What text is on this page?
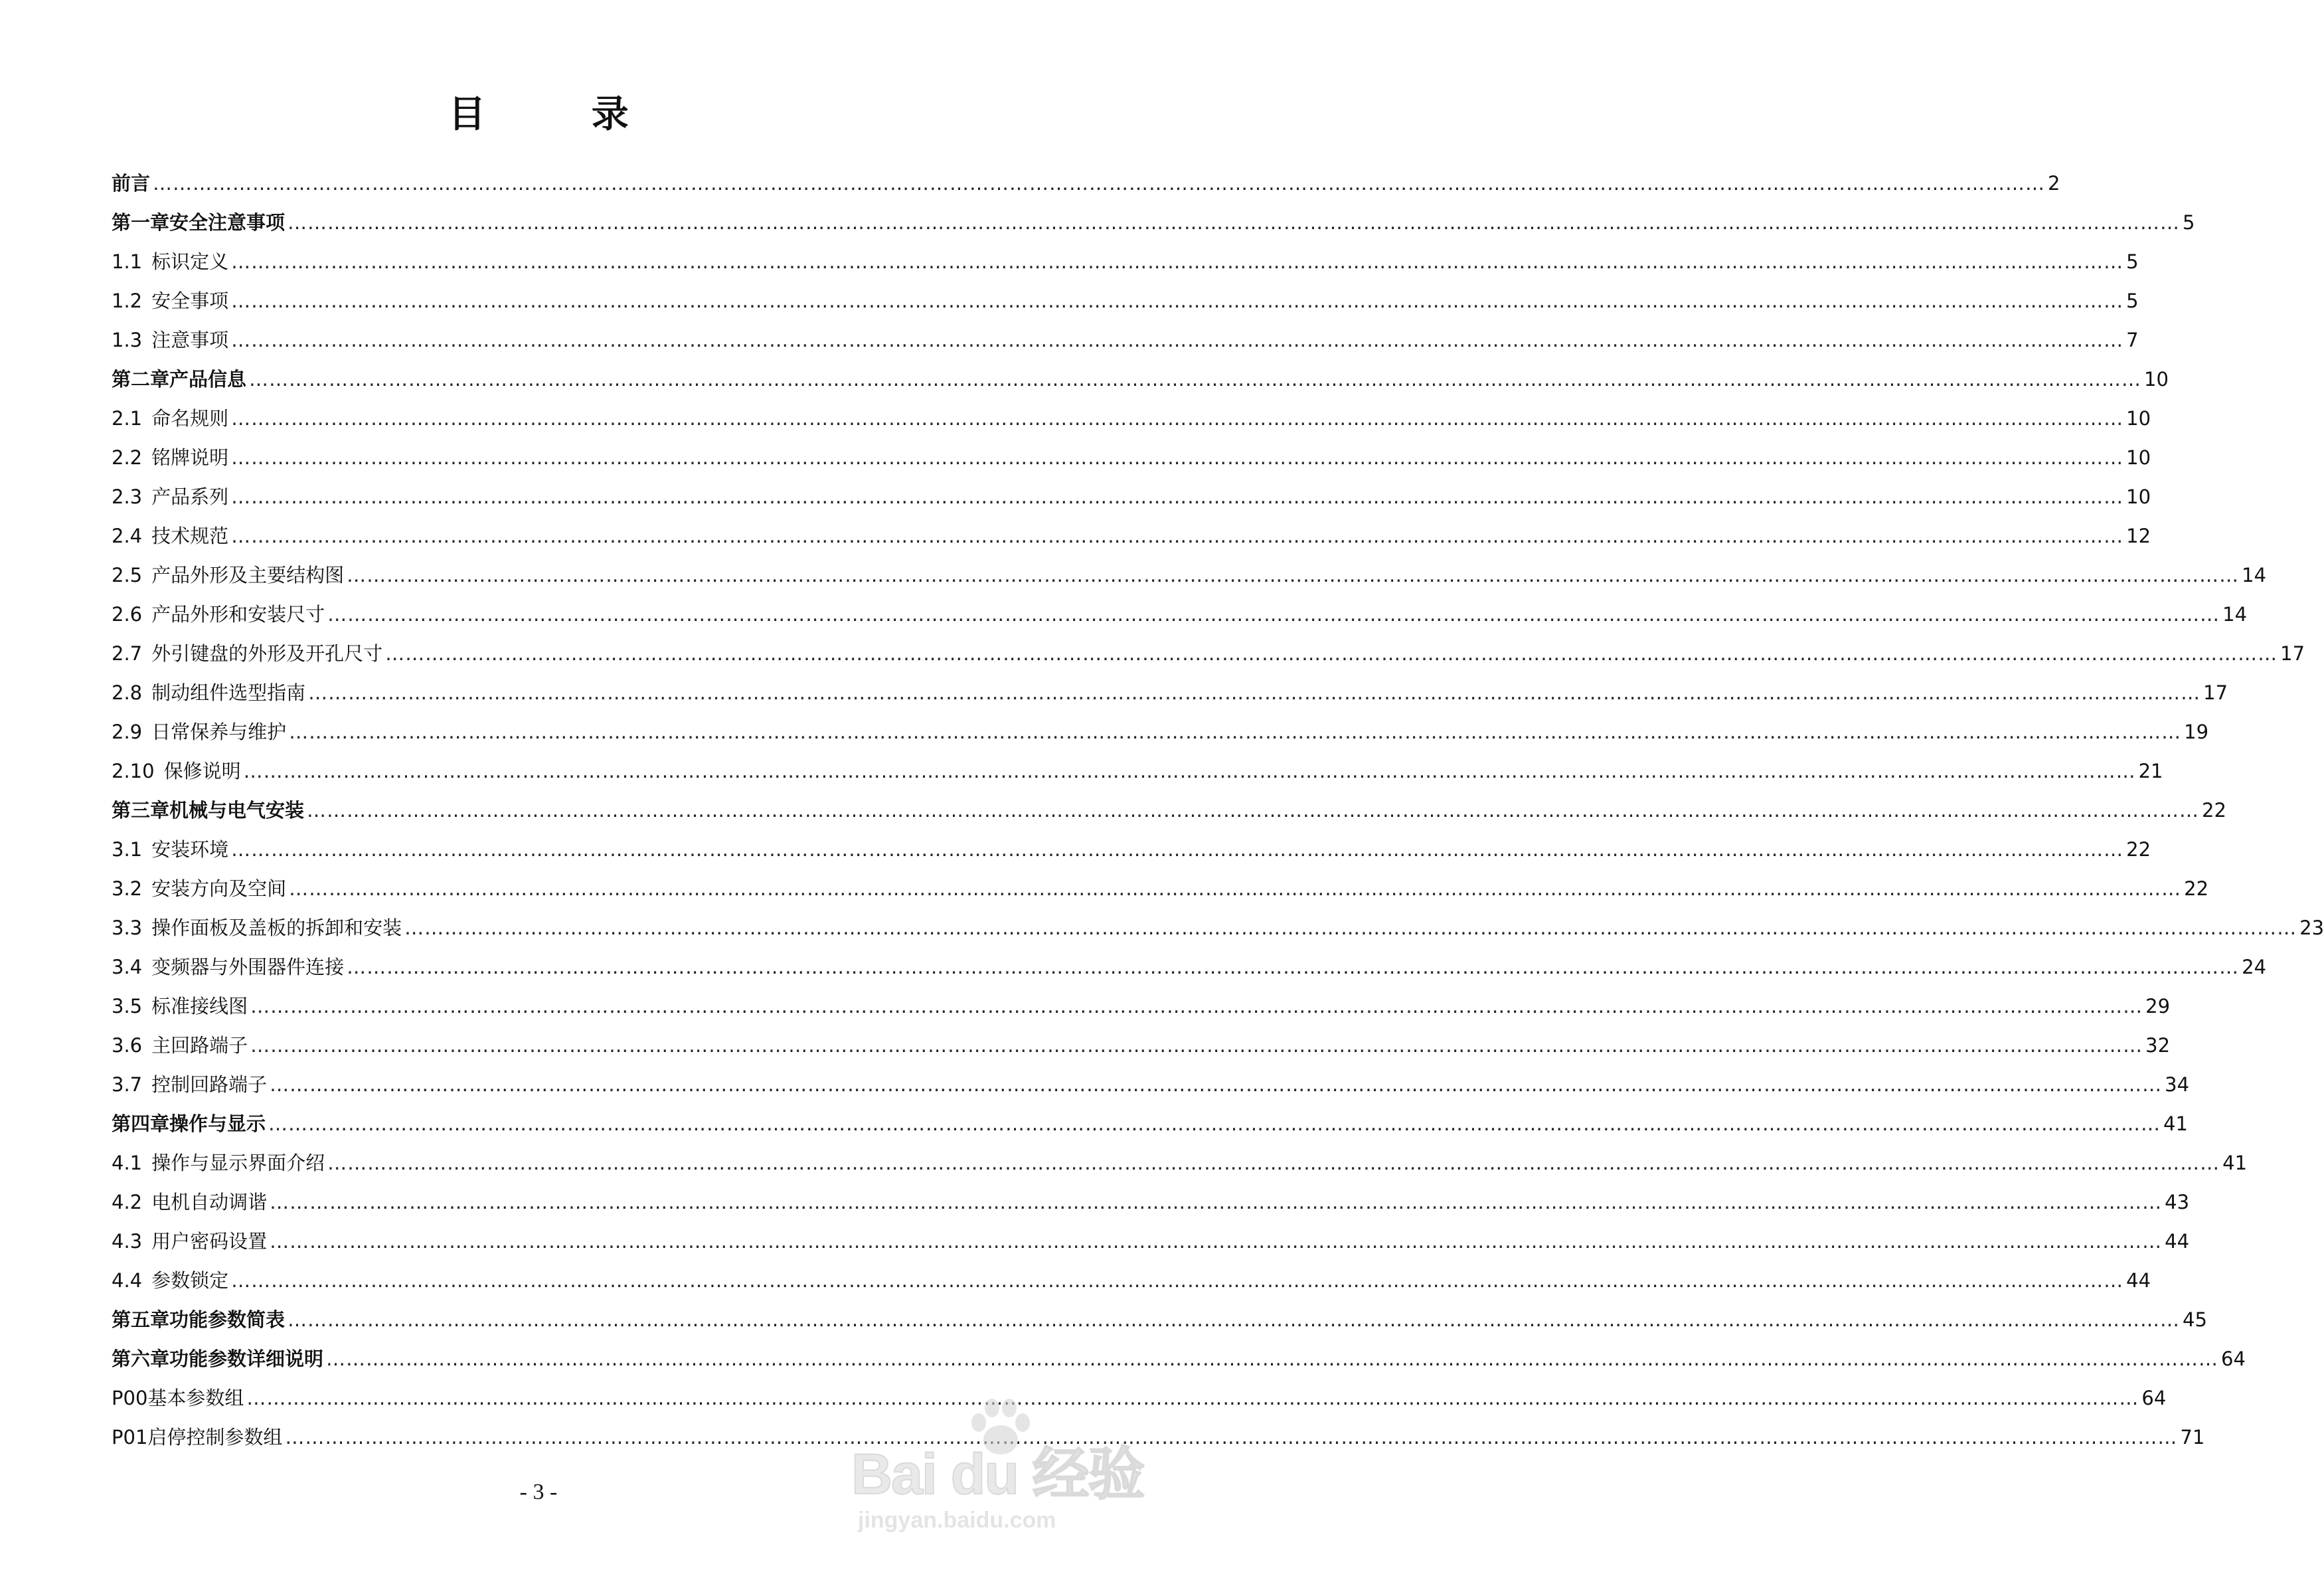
目 录
前言 ……………………………………………………………………………………………………………………………………………………………………………………………………………………………………………………………	2
第一章安全注意事项 ……………………………………………………………………………………………………………………………………………………………………………………………………………………………………………………………	5
1.1 标识定义 ……………………………………………………………………………………………………………………………………………………………………………………………………………………………………………………………	5
1.2 安全事项 ……………………………………………………………………………………………………………………………………………………………………………………………………………………………………………………………	5
1.3 注意事项 ……………………………………………………………………………………………………………………………………………………………………………………………………………………………………………………………	7
第二章产品信息 ……………………………………………………………………………………………………………………………………………………………………………………………………………………………………………………………	10
2.1 命名规则 ……………………………………………………………………………………………………………………………………………………………………………………………………………………………………………………………	10
2.2 铭牌说明 ……………………………………………………………………………………………………………………………………………………………………………………………………………………………………………………………	10
2.3 产品系列 ……………………………………………………………………………………………………………………………………………………………………………………………………………………………………………………………	10
2.4 技术规范 ……………………………………………………………………………………………………………………………………………………………………………………………………………………………………………………………	12
2.5 产品外形及主要结构图 ……………………………………………………………………………………………………………………………………………………………………………………………………………………………………………………………	14
2.6 产品外形和安装尺寸 ……………………………………………………………………………………………………………………………………………………………………………………………………………………………………………………………	14
2.7 外引键盘的外形及开孔尺寸 ……………………………………………………………………………………………………………………………………………………………………………………………………………………………………………………………	17
2.8 制动组件选型指南 ……………………………………………………………………………………………………………………………………………………………………………………………………………………………………………………………	17
2.9 日常保养与维护 ……………………………………………………………………………………………………………………………………………………………………………………………………………………………………………………………	19
2.10 保修说明 ……………………………………………………………………………………………………………………………………………………………………………………………………………………………………………………………	21
第三章机械与电气安装 ……………………………………………………………………………………………………………………………………………………………………………………………………………………………………………………………	22
3.1 安装环境 ……………………………………………………………………………………………………………………………………………………………………………………………………………………………………………………………	22
3.2 安装方向及空间 ……………………………………………………………………………………………………………………………………………………………………………………………………………………………………………………………	22
3.3 操作面板及盖板的拆卸和安装 ……………………………………………………………………………………………………………………………………………………………………………………………………………………………………………………………	23
3.4 变频器与外围器件连接 ……………………………………………………………………………………………………………………………………………………………………………………………………………………………………………………………	24
3.5 标准接线图 ……………………………………………………………………………………………………………………………………………………………………………………………………………………………………………………………	29
3.6 主回路端子 ……………………………………………………………………………………………………………………………………………………………………………………………………………………………………………………………	32
3.7 控制回路端子 ……………………………………………………………………………………………………………………………………………………………………………………………………………………………………………………………	34
第四章操作与显示 ……………………………………………………………………………………………………………………………………………………………………………………………………………………………………………………………	41
4.1 操作与显示界面介绍 ……………………………………………………………………………………………………………………………………………………………………………………………………………………………………………………………	41
4.2 电机自动调谐 ……………………………………………………………………………………………………………………………………………………………………………………………………………………………………………………………	43
4.3 用户密码设置 ……………………………………………………………………………………………………………………………………………………………………………………………………………………………………………………………	44
4.4 参数锁定 ……………………………………………………………………………………………………………………………………………………………………………………………………………………………………………………………	44
第五章功能参数简表 ……………………………………………………………………………………………………………………………………………………………………………………………………………………………………………………………	45
第六章功能参数详细说明 ……………………………………………………………………………………………………………………………………………………………………………………………………………………………………………………………	64
P00基本参数组 ……………………………………………………………………………………………………………………………………………………………………………………………………………………………………………………………	64
P01启停控制参数组 ……………………………………………………………………………………………………………………………………………………………………………………………………………………………………………………………	71
- 3 -	Bai du 经验
jingyan.baidu.com
